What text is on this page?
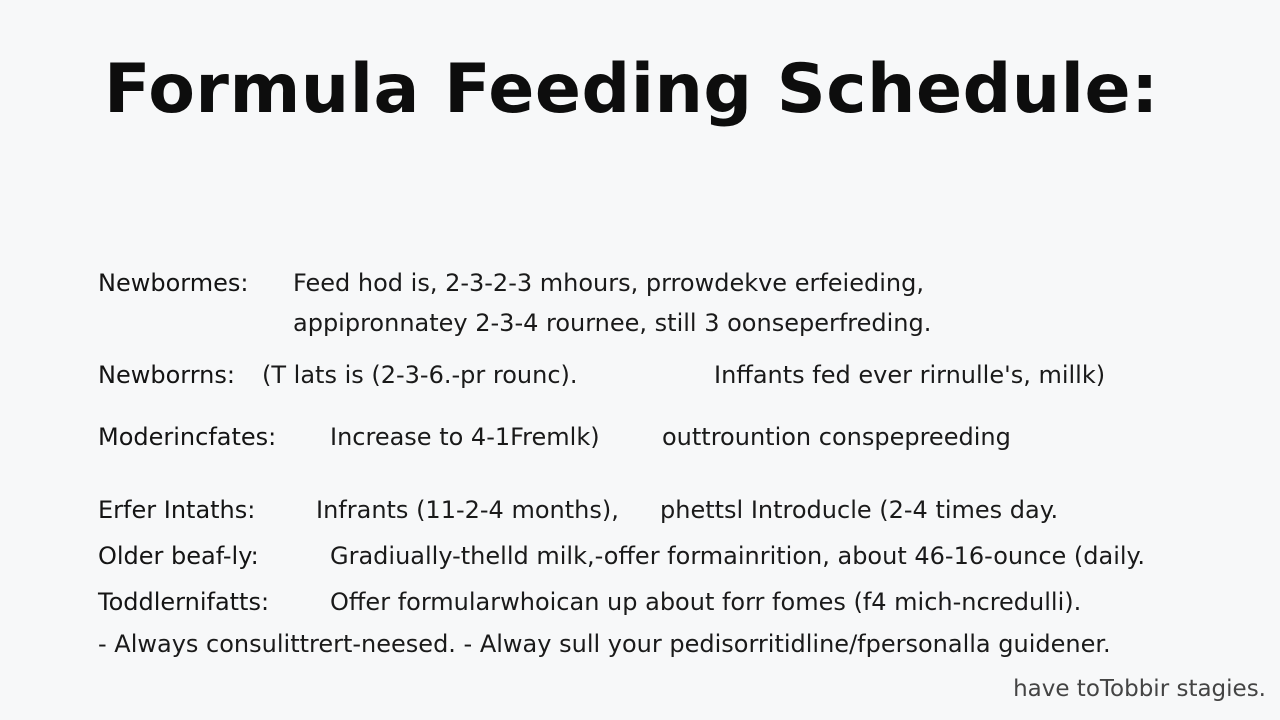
Formula Feeding Schedule:
Newbormes: Feed hod is, 2-3-2-3 mhours, prrowdekve erfeieding,
appipronnatey 2-3-4 rournee, still 3 oonseperfreding.
Newborrns: (T lats is (2-3-6.-pr rounc).	Inffants fed ever rirnulle's, millk)
Moderincfates: Increase to 4-1Fremlk)	outtrountion conspepreeding
Erfer Intaths:	Infrants (11-2-4 months), phettsl Introducle (2-4 times day.
Older beaf-ly:	Gradiually-thelld milk,-offer formainrition, about 46-16-ounce (daily.
Toddlernifatts:	Offer formularwhoican up about forr fomes (f4 mich-ncredulli).
- Always consulittrert-neesed. - Alway sull your pedisorritidline/fpersonalla guidener.
have toTobbir stagies.
